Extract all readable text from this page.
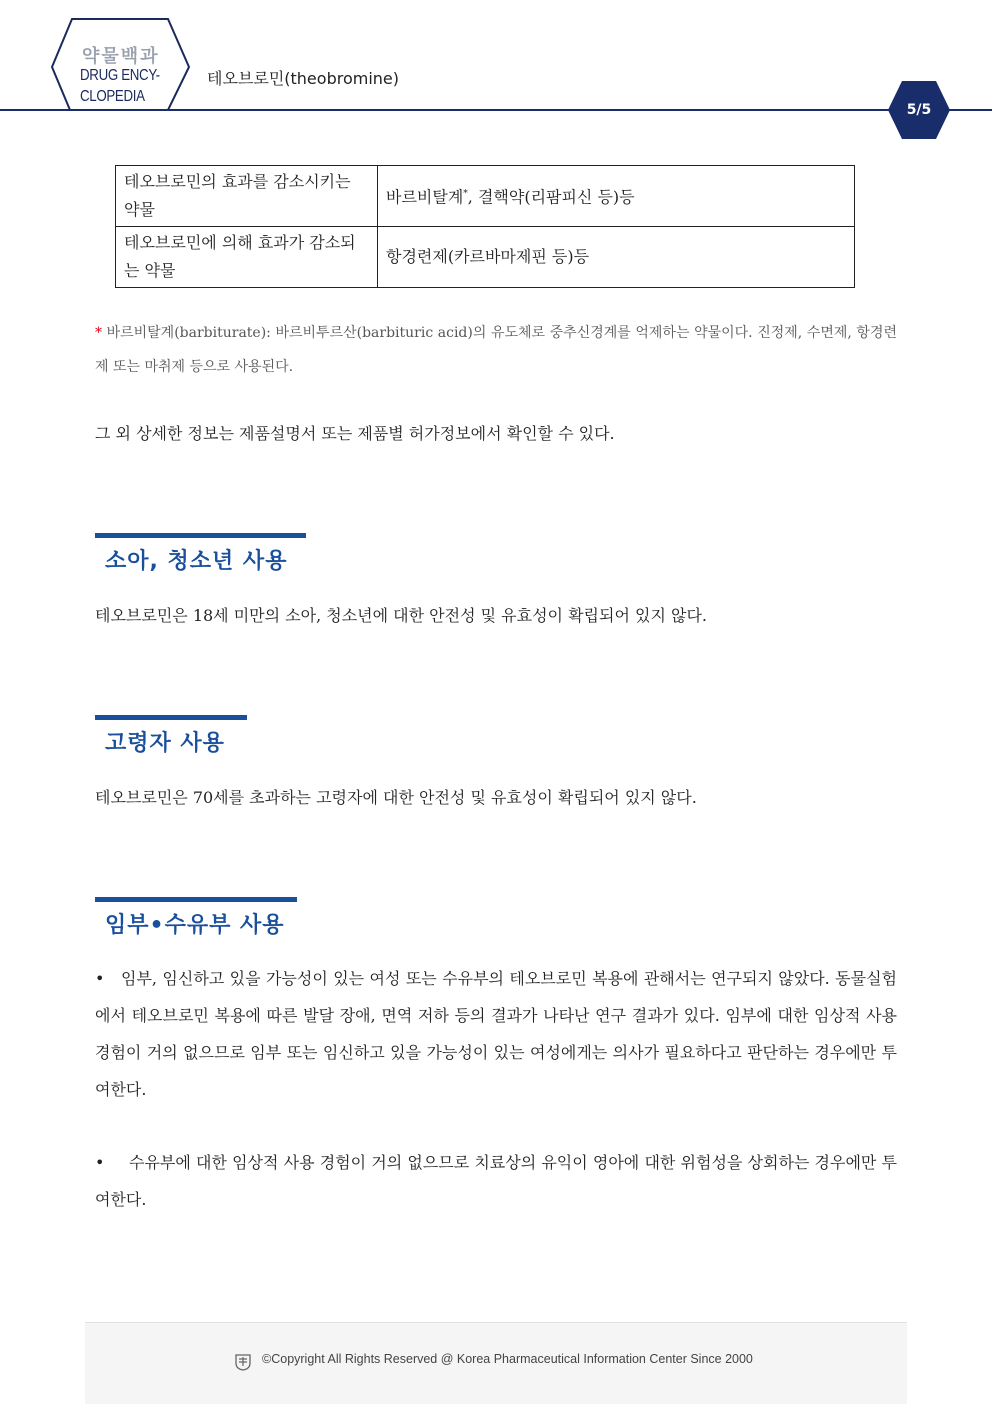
약물백과
DRUG ENCY-
CLOPEDIA
테오브로민(theobromine)
5/5
테오브로민의 효과를 감소시키는 약물	바르비탈계*, 결핵약(리팜피신 등)등
테오브로민에 의해 효과가 감소되는 약물	항경련제(카르바마제핀 등)등
* 바르비탈계(barbiturate): 바르비투르산(barbituric acid)의 유도체로 중추신경계를 억제하는 약물이다. 진정제, 수면제, 항경련제 또는 마취제 등으로 사용된다.
그 외 상세한 정보는 제품설명서 또는 제품별 허가정보에서 확인할 수 있다.
소아, 청소년 사용
테오브로민은 18세 미만의 소아, 청소년에 대한 안전성 및 유효성이 확립되어 있지 않다.
고령자 사용
테오브로민은 70세를 초과하는 고령자에 대한 안전성 및 유효성이 확립되어 있지 않다.
임부•수유부 사용
• 임부, 임신하고 있을 가능성이 있는 여성 또는 수유부의 테오브로민 복용에 관해서는 연구되지 않았다. 동물실험에서 테오브로민 복용에 따른 발달 장애, 면역 저하 등의 결과가 나타난 연구 결과가 있다. 임부에 대한 임상적 사용 경험이 거의 없으므로 임부 또는 임신하고 있을 가능성이 있는 여성에게는 의사가 필요하다고 판단하는 경우에만 투여한다.
• 수유부에 대한 임상적 사용 경험이 거의 없으므로 치료상의 유익이 영아에 대한 위험성을 상회하는 경우에만 투여한다.
©Copyright All Rights Reserved @ Korea Pharmaceutical Information Center Since 2000
